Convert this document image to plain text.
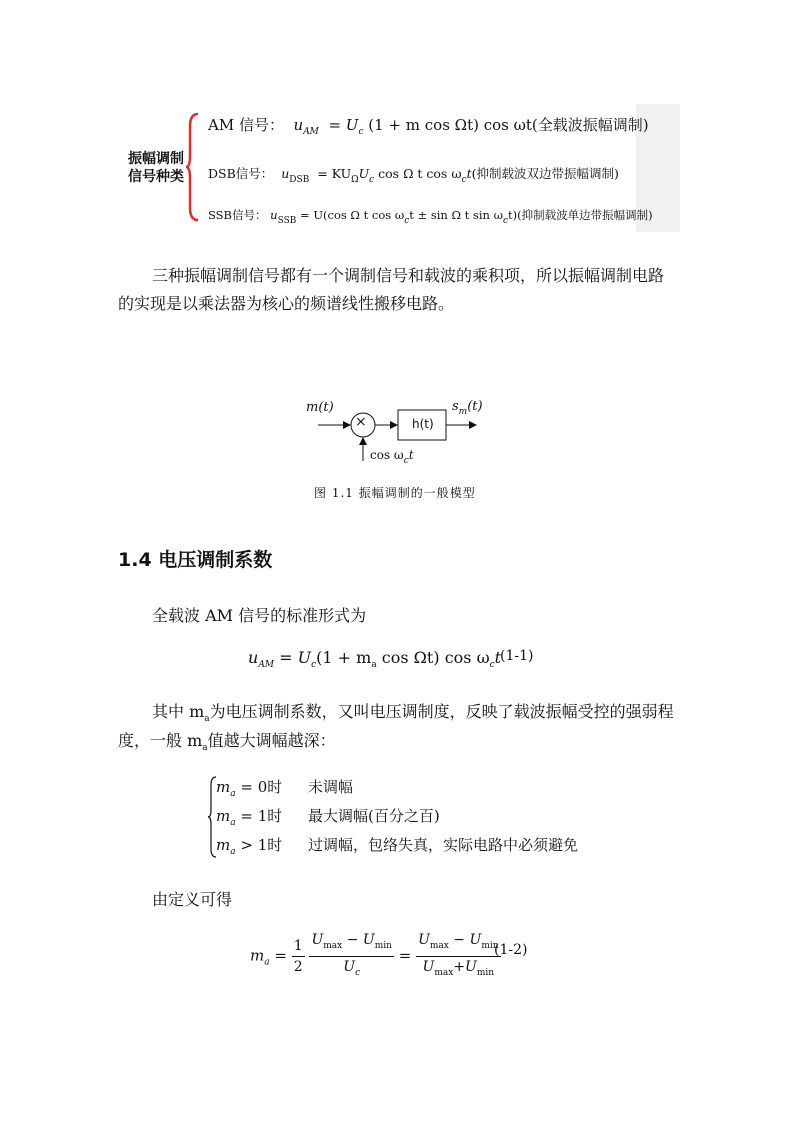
振幅调制
信号种类
AM 信号： $u_{AM} = U_c$ (1 + m cos Ωt) cos ωt(全载波振幅调制)
DSB信号： $u_{DSB} = KU_\Omega U_c$ cos Ω t $\cos \omega_ct$(抑制载波双边带振幅调制)
SSB信号： $u_{SSB} = U(\cos$ Ω t $\cos \omega_ct \pm \sin \Omega$ t $\sin \omega_ct$)(抑制载波单边带振幅调制)
三种振幅调制信号都有一个调制信号和载波的乘积项，所以振幅调制电路
的实现是以乘法器为核心的频谱线性搬移电路。
m(t)
×	h(t)
$s_m(t)$
$\cos \omega_ct$
图 1.1 振幅调制的一般模型
1.4 电压调制系数
全载波 AM 信号的标准形式为
$u_{AM} = U_c(1 + m_a$ cos Ωt) $\cos \omega_ct$
(1-1)
其中 $m_a$为电压调制系数，又叫电压调制度，反映了载波振幅受控的强弱程
度，一般 $m_a$值越大调幅越深：
$m_a = 0$时 未调幅
$m_a = 1$时 最大调幅(百分之百)
$m_a > 1$时 过调幅，包络失真，实际电路中必须避免
由定义可得
$m_a = \frac{1}{2}$
$\frac{U_{max} - U_{min}}{U_c} = \frac{U_{max} - U_{min}}{U_{max}+U_{min}}$
(1-2)
